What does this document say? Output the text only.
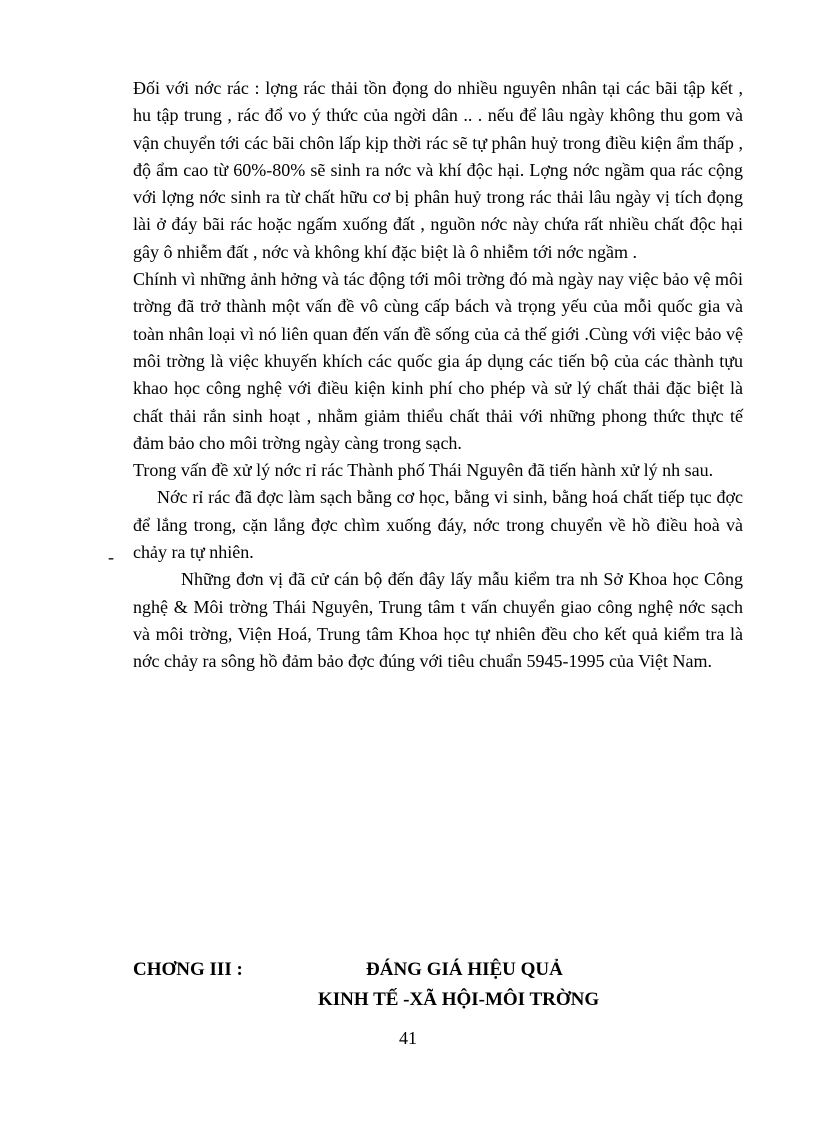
Đối với nớc rác : lợng rác thải tồn đọng do nhiều nguyên nhân tại các bãi tập kết , hu tập trung , rác đổ vo ý thức của ngời dân .. . nếu để lâu ngày không thu gom và vận chuyển tới các bãi chôn lấp kịp thời rác sẽ tự phân huỷ trong điều kiện ẩm thấp , độ ẩm cao từ 60%-80% sẽ sinh ra nớc và khí độc hại. Lợng nớc ngầm qua rác cộng với lợng nớc sinh ra từ chất hữu cơ bị phân huỷ trong rác thải lâu ngày vị tích đọng lài ở đáy bãi rác hoặc ngấm xuống đất , nguồn nớc này chứa rất nhiều chất độc hại gây ô nhiễm đất , nớc và không khí đặc biệt là ô nhiễm tới nớc ngầm .

Chính vì những ảnh hởng và tác động tới môi trờng đó mà ngày nay việc bảo vệ môi trờng đã trở thành một vấn đề vô cùng cấp bách và trọng yếu của mỗi quốc gia và toàn nhân loại vì nó liên quan đến vấn đề sống của cả thế giới .Cùng với việc bảo vệ môi trờng là việc khuyến khích các quốc gia áp dụng các tiến bộ của các thành tựu khao học công nghệ với điều kiện kinh phí cho phép và sử lý chất thải đặc biệt là chất thải rắn sinh hoạt , nhằm giảm thiểu chất thải với những phong thức thực tế đảm bảo cho môi trờng ngày càng trong sạch.

Trong vấn đề xử lý nớc rỉ rác Thành phố Thái Nguyên đã tiến hành xử lý nh sau.

Nớc rỉ rác đã đợc làm sạch bằng cơ học, bằng vi sinh, bằng hoá chất tiếp tục đợc để lắng trong, cặn lắng đợc chìm xuống đáy, nớc trong chuyển về hồ điều hoà và chảy ra tự nhiên.

Những đơn vị đã cử cán bộ đến đây lấy mẫu kiểm tra nh Sở Khoa học Công nghệ & Môi trờng Thái Nguyên, Trung tâm t vấn chuyển giao công nghệ nớc sạch và môi trờng, Viện Hoá, Trung tâm Khoa học tự nhiên đều cho kết quả kiểm tra là nớc chảy ra sông hồ đảm bảo đợc đúng với tiêu chuẩn 5945-1995 của Việt Nam.

-
CHƠNG III :	ĐÁNG GIÁ HIỆU QUẢ
KINH TẾ -XÃ HỘI-MÔI TRỜNG
41
